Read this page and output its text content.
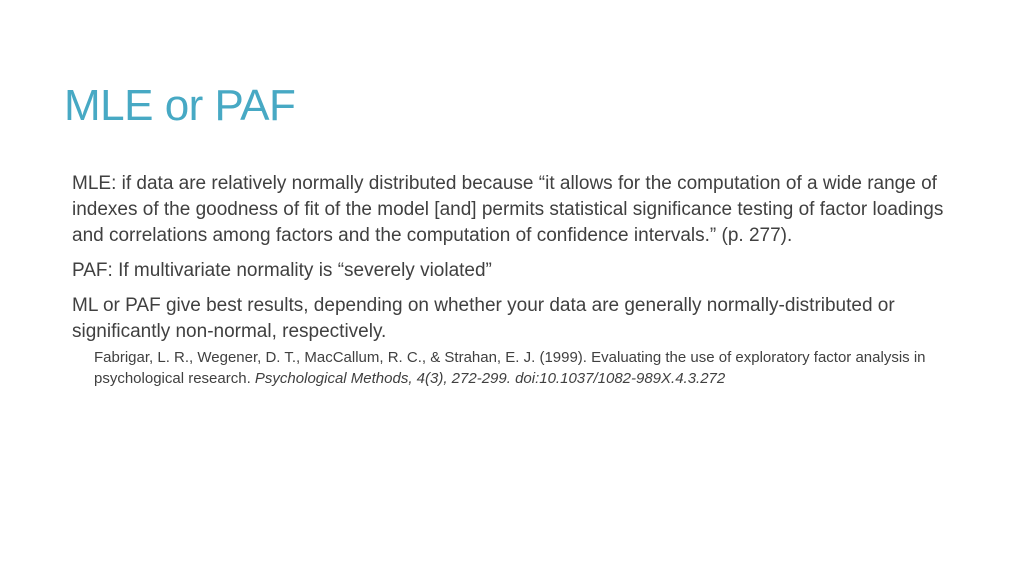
MLE or PAF

MLE: if data are relatively normally distributed because “it allows for the computation of a wide range of indexes of the goodness of fit of the model [and] permits statistical significance testing of factor loadings and correlations among factors and the computation of confidence intervals.” (p. 277).

PAF: If multivariate normality is “severely violated”

ML or PAF give best results, depending on whether your data are generally normally-distributed or significantly non-normal, respectively.

Fabrigar, L. R., Wegener, D. T., MacCallum, R. C., & Strahan, E. J. (1999). Evaluating the use of exploratory factor analysis in psychological research. Psychological Methods, 4(3), 272-299. doi:10.1037/1082-989X.4.3.272
